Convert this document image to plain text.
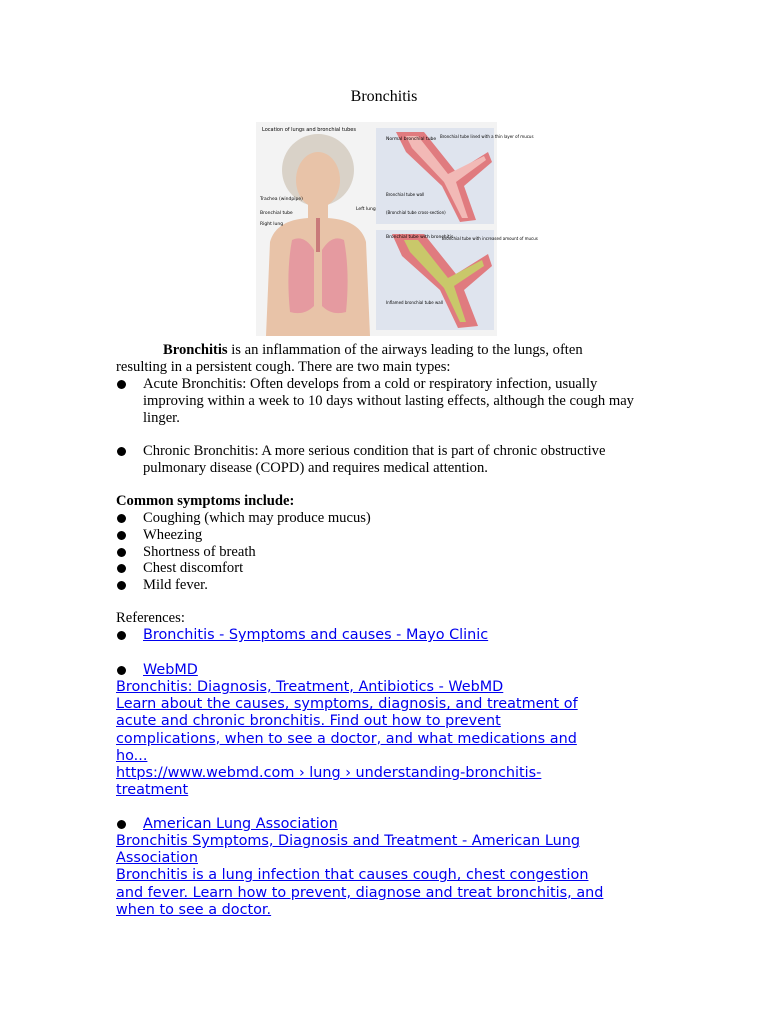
Bronchitis
Location of lungs and bronchial tubes
Trachea (windpipe)
Bronchial tube
Right lung
Left lung
Normal bronchial tube
Bronchial tube lined with a thin layer of mucus
Bronchial tube wall
(Bronchial tube cross-section)
Bronchial tube with bronchitis
Bronchial tube with increased amount of mucus
Inflamed bronchial tube wall
Bronchitis is an inflammation of the airways leading to the lungs, often resulting in a persistent cough. There are two main types:
Acute Bronchitis: Often develops from a cold or respiratory infection, usually improving within a week to 10 days without lasting effects, although the cough may linger.
Chronic Bronchitis: A more serious condition that is part of chronic obstructive pulmonary disease (COPD) and requires medical attention.
Common symptoms include:
Coughing (which may produce mucus)
Wheezing
Shortness of breath
Chest discomfort
Mild fever.
References:
Bronchitis - Symptoms and causes - Mayo Clinic
WebMD
Bronchitis: Diagnosis, Treatment, Antibiotics - WebMD
Learn about the causes, symptoms, diagnosis, and treatment of
acute and chronic bronchitis. Find out how to prevent
complications, when to see a doctor, and what medications and
ho...
https://www.webmd.com › lung › understanding-bronchitis-
treatment
American Lung Association
Bronchitis Symptoms, Diagnosis and Treatment - American Lung
Association
Bronchitis is a lung infection that causes cough, chest congestion
and fever. Learn how to prevent, diagnose and treat bronchitis, and
when to see a doctor.
